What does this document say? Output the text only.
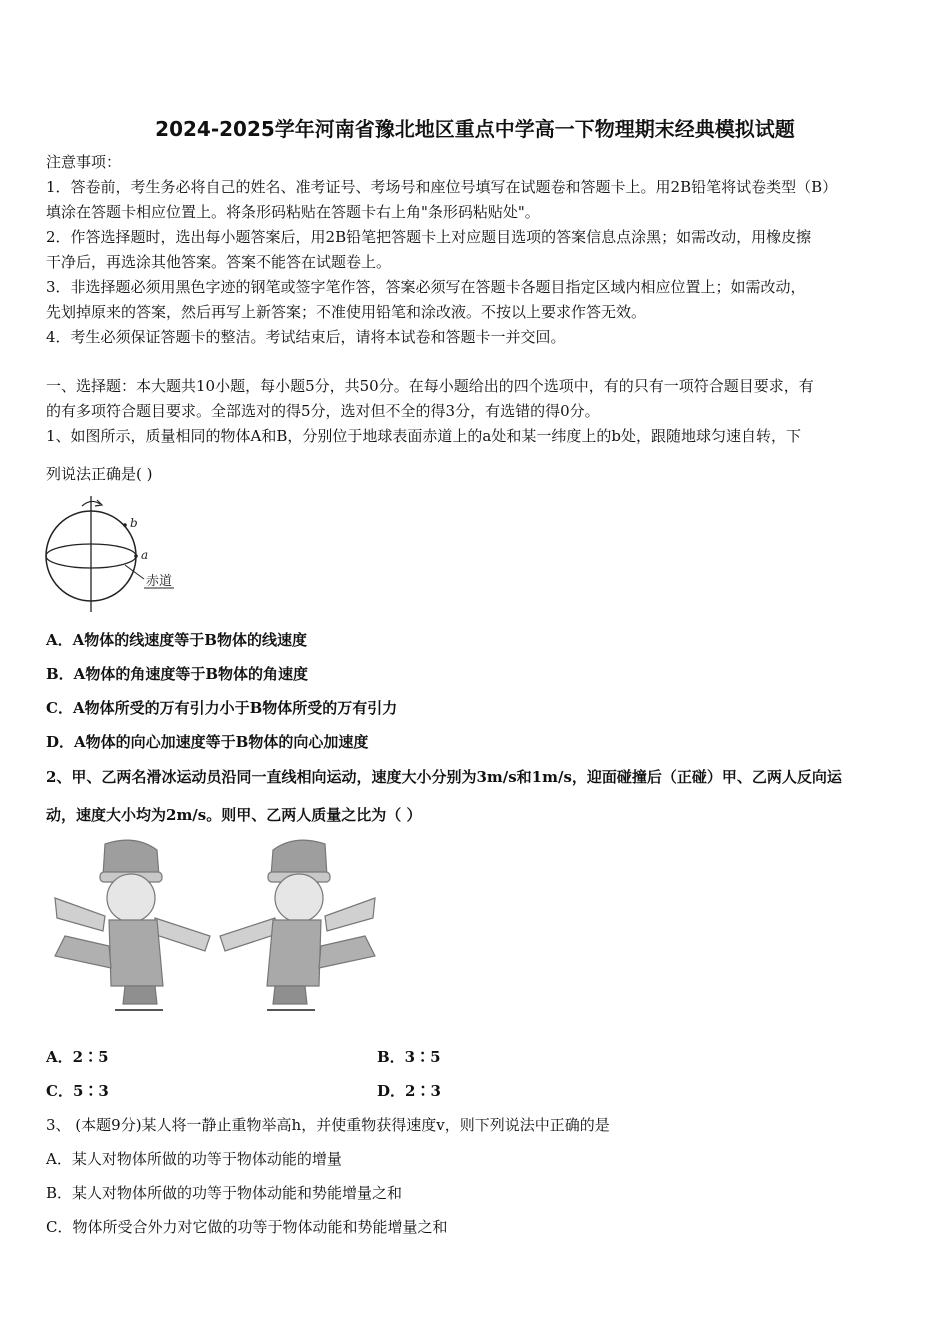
2024-2025学年河南省豫北地区重点中学高一下物理期末经典模拟试题
注意事项：
1．答卷前，考生务必将自己的姓名、准考证号、考场号和座位号填写在试题卷和答题卡上。用2B铅笔将试卷类型（B）
填涂在答题卡相应位置上。将条形码粘贴在答题卡右上角"条形码粘贴处"。
2．作答选择题时，选出每小题答案后，用2B铅笔把答题卡上对应题目选项的答案信息点涂黑；如需改动，用橡皮擦
干净后，再选涂其他答案。答案不能答在试题卷上。
3．非选择题必须用黑色字迹的钢笔或签字笔作答，答案必须写在答题卡各题目指定区域内相应位置上；如需改动，
先划掉原来的答案，然后再写上新答案；不准使用铅笔和涂改液。不按以上要求作答无效。
4．考生必须保证答题卡的整洁。考试结束后，请将本试卷和答题卡一并交回。
一、选择题：本大题共10小题，每小题5分，共50分。在每小题给出的四个选项中，有的只有一项符合题目要求，有
的有多项符合题目要求。全部选对的得5分，选对但不全的得3分，有选错的得0分。
1、如图所示，质量相同的物体A和B，分别位于地球表面赤道上的a处和某一纬度上的b处，跟随地球匀速自转，下
列说法正确是( )
b
a
赤道
A．A物体的线速度等于B物体的线速度
B．A物体的角速度等于B物体的角速度
C．A物体所受的万有引力小于B物体所受的万有引力
D．A物体的向心加速度等于B物体的向心加速度
2、甲、乙两名滑冰运动员沿同一直线相向运动，速度大小分别为3m/s和1m/s，迎面碰撞后（正碰）甲、乙两人反向运
动，速度大小均为2m/s。则甲、乙两人质量之比为（ ）
A．2∶5	B．3∶5
C．5∶3	D．2∶3
3、 (本题9分)某人将一静止重物举高h，并使重物获得速度v，则下列说法中正确的是
A．某人对物体所做的功等于物体动能的增量
B．某人对物体所做的功等于物体动能和势能增量之和
C．物体所受合外力对它做的功等于物体动能和势能增量之和
